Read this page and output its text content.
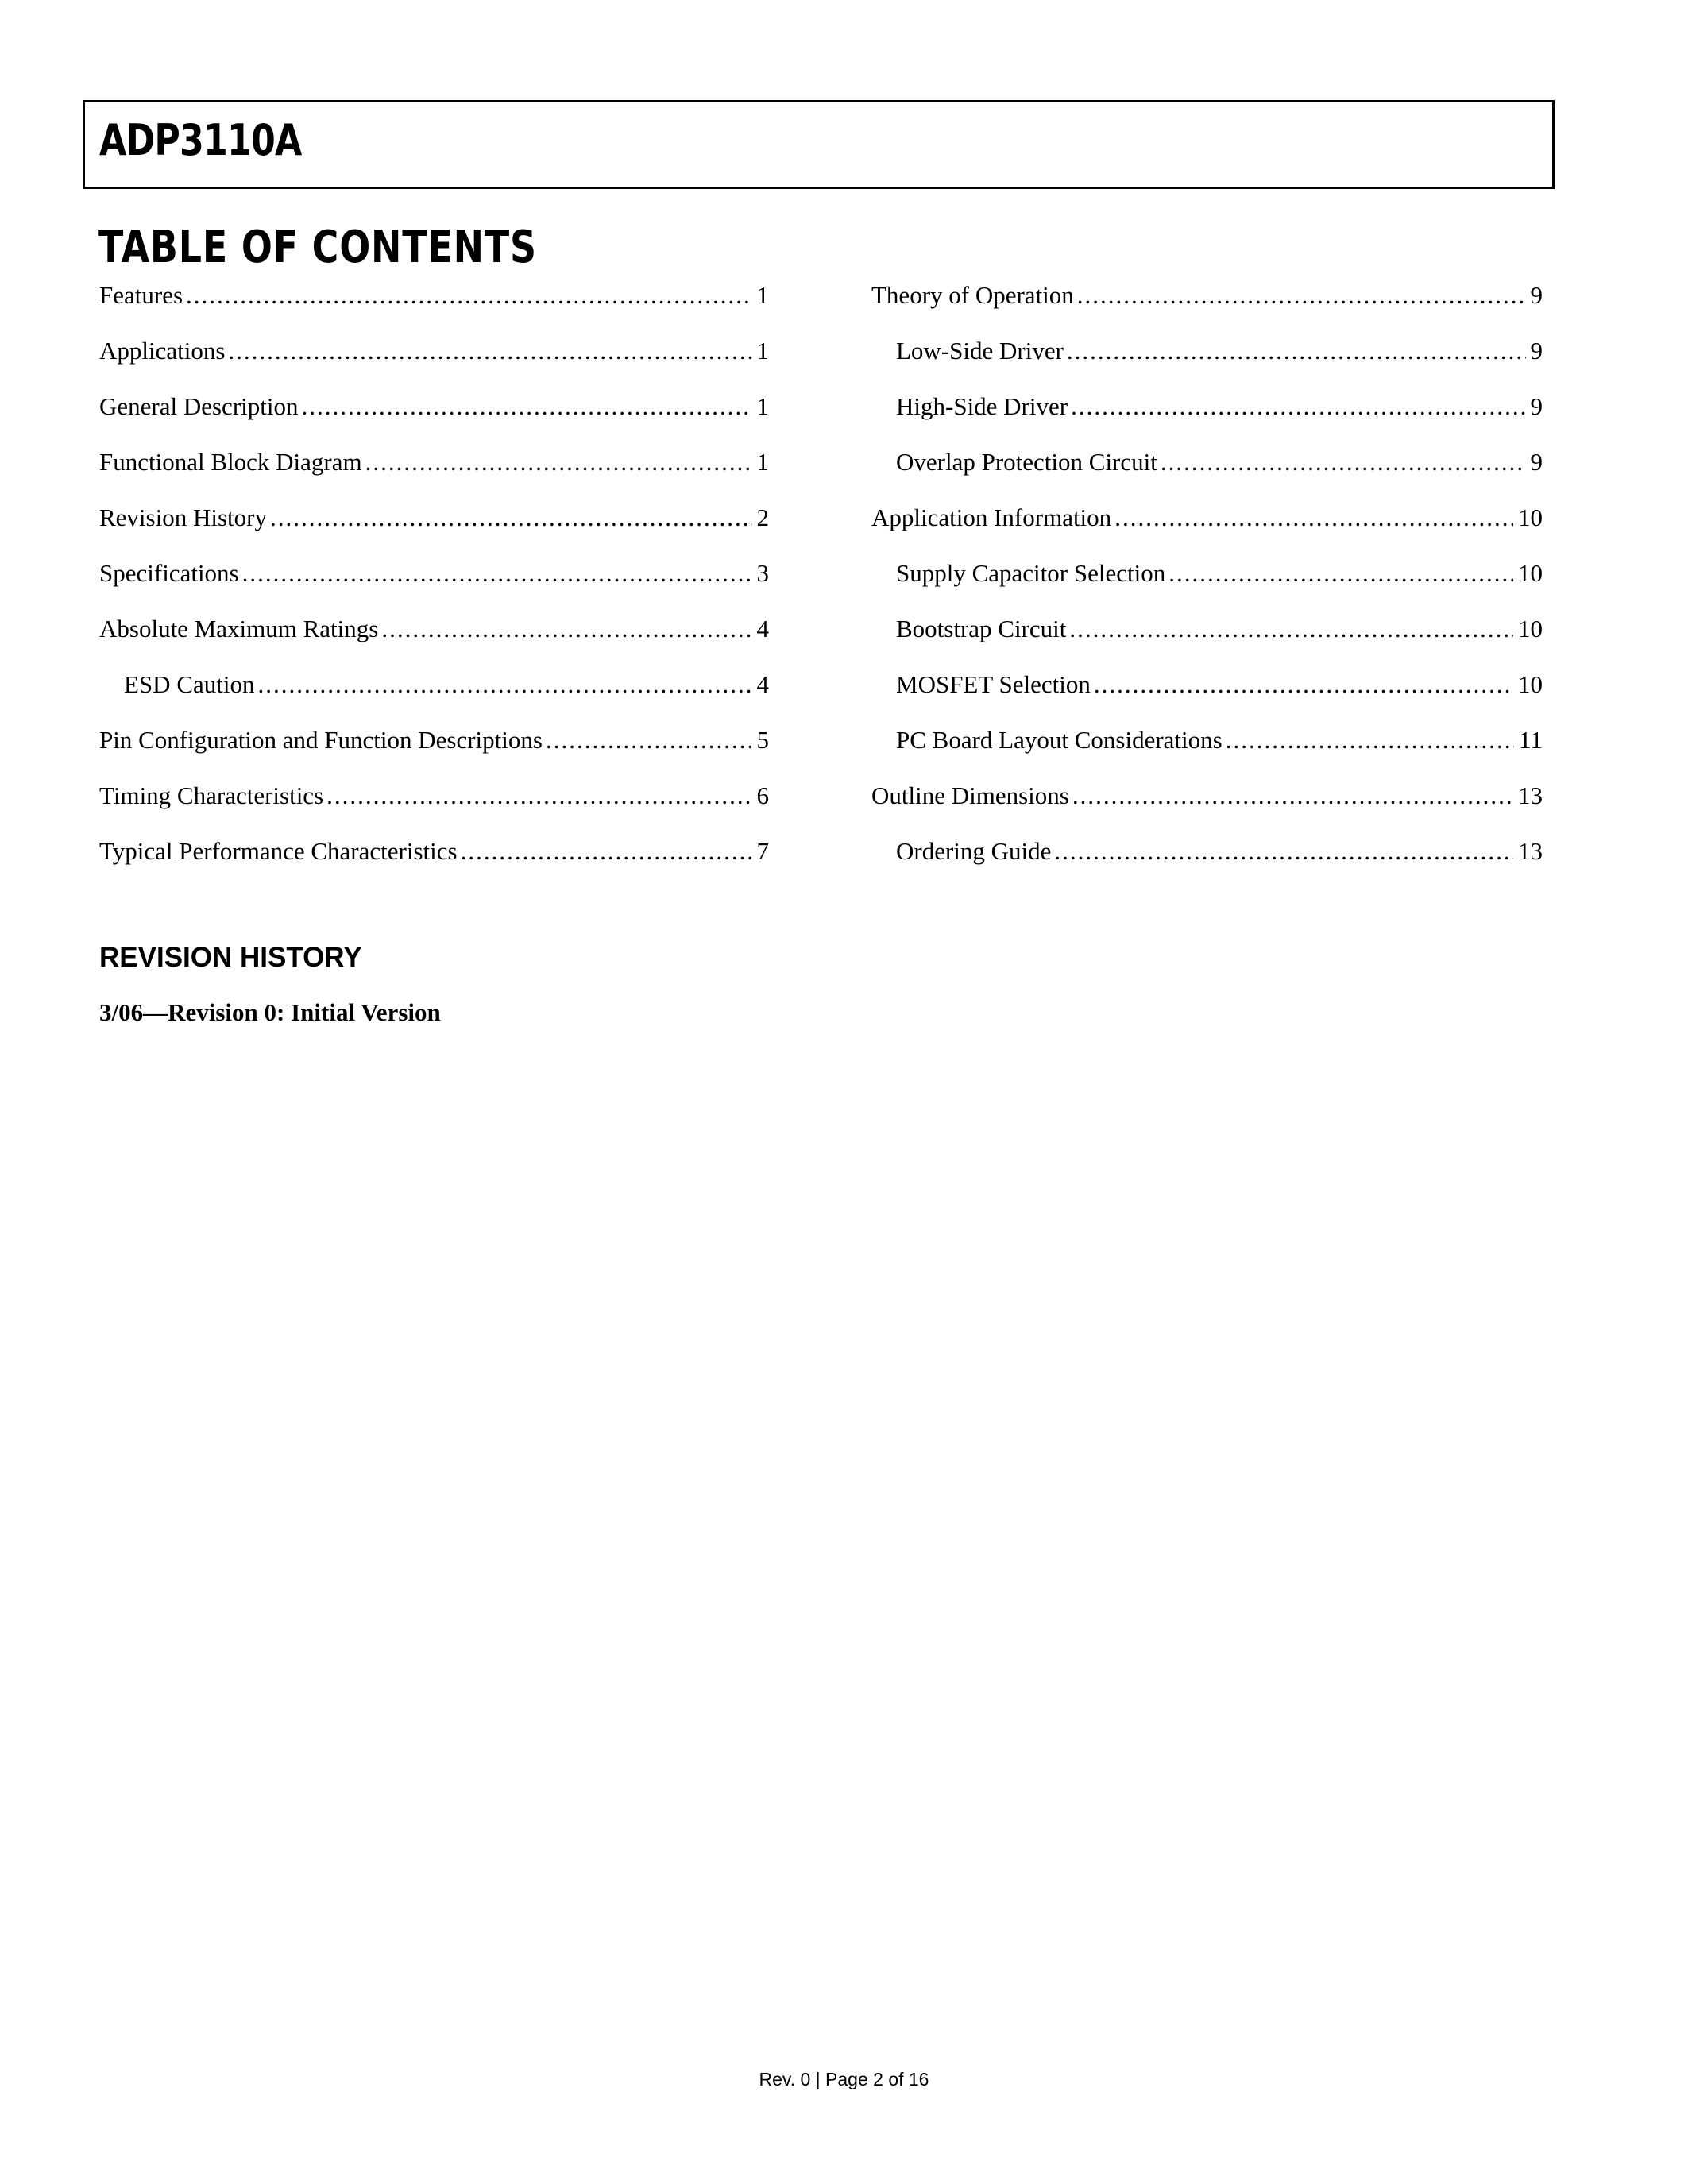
ADP3110A
TABLE OF CONTENTS
Features .....	1
Applications .....	1
General Description .....	1
Functional Block Diagram .....	1
Revision History .....	2
Specifications .....	3
Absolute Maximum Ratings .....	4
ESD Caution .....	4
Pin Configuration and Function Descriptions .....	5
Timing Characteristics .....	6
Typical Performance Characteristics .....	7
Theory of Operation .....	9
Low-Side Driver .....	9
High-Side Driver .....	9
Overlap Protection Circuit .....	9
Application Information .....	10
Supply Capacitor Selection .....	10
Bootstrap Circuit .....	10
MOSFET Selection .....	10
PC Board Layout Considerations .....	11
Outline Dimensions .....	13
Ordering Guide .....	13
REVISION HISTORY
3/06—Revision 0: Initial Version
Rev. 0 | Page 2 of 16
